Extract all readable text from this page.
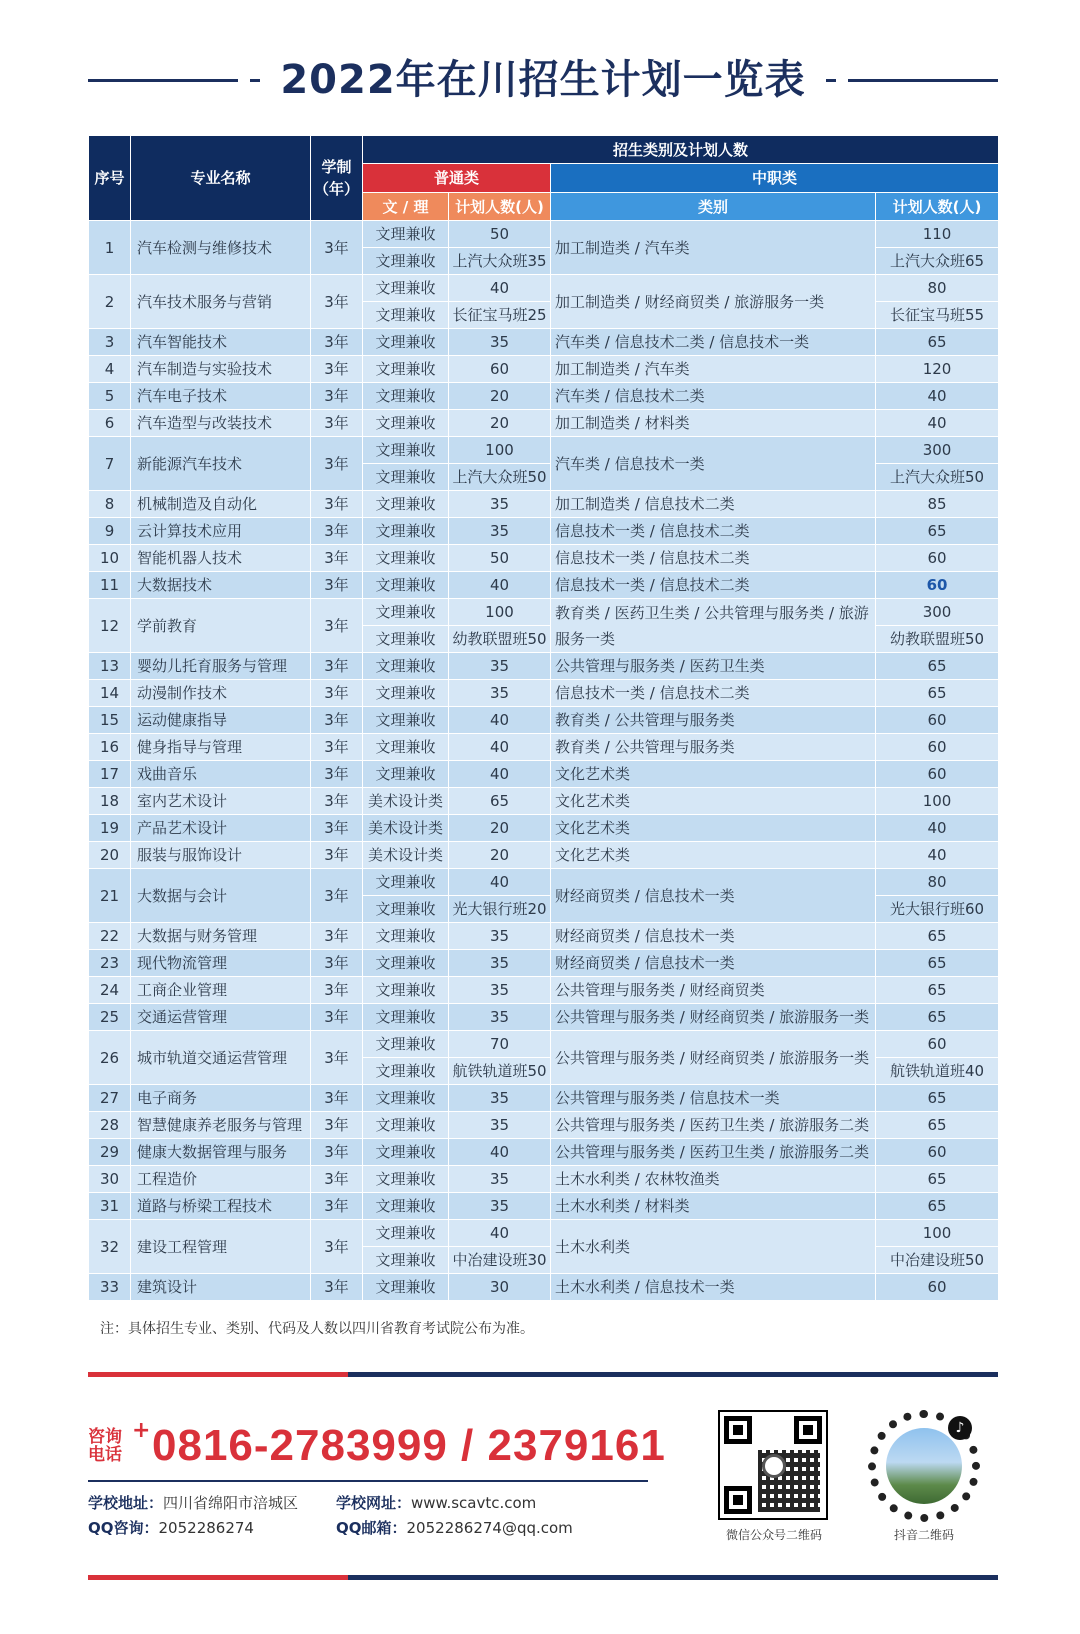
2022年在川招生计划一览表
序号	专业名称	学制（年）	招生类别及计划人数			
			普通类		中职类	
			文 / 理	计划人数(人)	类别	计划人数(人)
1	汽车检测与维修技术	3年	文理兼收	50	加工制造类 / 汽车类	110
			文理兼收	上汽大众班35		上汽大众班65
2	汽车技术服务与营销	3年	文理兼收	40	加工制造类 / 财经商贸类 / 旅游服务一类	80
			文理兼收	长征宝马班25		长征宝马班55
3	汽车智能技术	3年	文理兼收	35	汽车类 / 信息技术二类 / 信息技术一类	65
4	汽车制造与实验技术	3年	文理兼收	60	加工制造类 / 汽车类	120
5	汽车电子技术	3年	文理兼收	20	汽车类 / 信息技术二类	40
6	汽车造型与改装技术	3年	文理兼收	20	加工制造类 / 材料类	40
7	新能源汽车技术	3年	文理兼收	100	汽车类 / 信息技术一类	300
			文理兼收	上汽大众班50		上汽大众班50
8	机械制造及自动化	3年	文理兼收	35	加工制造类 / 信息技术二类	85
9	云计算技术应用	3年	文理兼收	35	信息技术一类 / 信息技术二类	65
10	智能机器人技术	3年	文理兼收	50	信息技术一类 / 信息技术二类	60
11	大数据技术	3年	文理兼收	40	信息技术一类 / 信息技术二类	60
12	学前教育	3年	文理兼收	100	教育类 / 医药卫生类 / 公共管理与服务类 / 旅游服务一类	300
			文理兼收	幼教联盟班50		幼教联盟班50
13	婴幼儿托育服务与管理	3年	文理兼收	35	公共管理与服务类 / 医药卫生类	65
14	动漫制作技术	3年	文理兼收	35	信息技术一类 / 信息技术二类	65
15	运动健康指导	3年	文理兼收	40	教育类 / 公共管理与服务类	60
16	健身指导与管理	3年	文理兼收	40	教育类 / 公共管理与服务类	60
17	戏曲音乐	3年	文理兼收	40	文化艺术类	60
18	室内艺术设计	3年	美术设计类	65	文化艺术类	100
19	产品艺术设计	3年	美术设计类	20	文化艺术类	40
20	服装与服饰设计	3年	美术设计类	20	文化艺术类	40
21	大数据与会计	3年	文理兼收	40	财经商贸类 / 信息技术一类	80
			文理兼收	光大银行班20		光大银行班60
22	大数据与财务管理	3年	文理兼收	35	财经商贸类 / 信息技术一类	65
23	现代物流管理	3年	文理兼收	35	财经商贸类 / 信息技术一类	65
24	工商企业管理	3年	文理兼收	35	公共管理与服务类 / 财经商贸类	65
25	交通运营管理	3年	文理兼收	35	公共管理与服务类 / 财经商贸类 / 旅游服务一类	65
26	城市轨道交通运营管理	3年	文理兼收	70	公共管理与服务类 / 财经商贸类 / 旅游服务一类	60
			文理兼收	航铁轨道班50		航铁轨道班40
27	电子商务	3年	文理兼收	35	公共管理与服务类 / 信息技术一类	65
28	智慧健康养老服务与管理	3年	文理兼收	35	公共管理与服务类 / 医药卫生类 / 旅游服务二类	65
29	健康大数据管理与服务	3年	文理兼收	40	公共管理与服务类 / 医药卫生类 / 旅游服务二类	60
30	工程造价	3年	文理兼收	35	土木水利类 / 农林牧渔类	65
31	道路与桥梁工程技术	3年	文理兼收	35	土木水利类 / 材料类	65
32	建设工程管理	3年	文理兼收	40	土木水利类	100
			文理兼收	中冶建设班30		中冶建设班50
33	建筑设计	3年	文理兼收	30	土木水利类 / 信息技术一类	60
注：具体招生专业、类别、代码及人数以四川省教育考试院公布为准。
咨询电话
+ 0816-2783999 / 2379161
学校地址：四川省绵阳市涪城区
QQ咨询：2052286274
学校网址：www.scavtc.com
QQ邮箱：2052286274@qq.com	微信公众号二维码
♪
抖音二维码
